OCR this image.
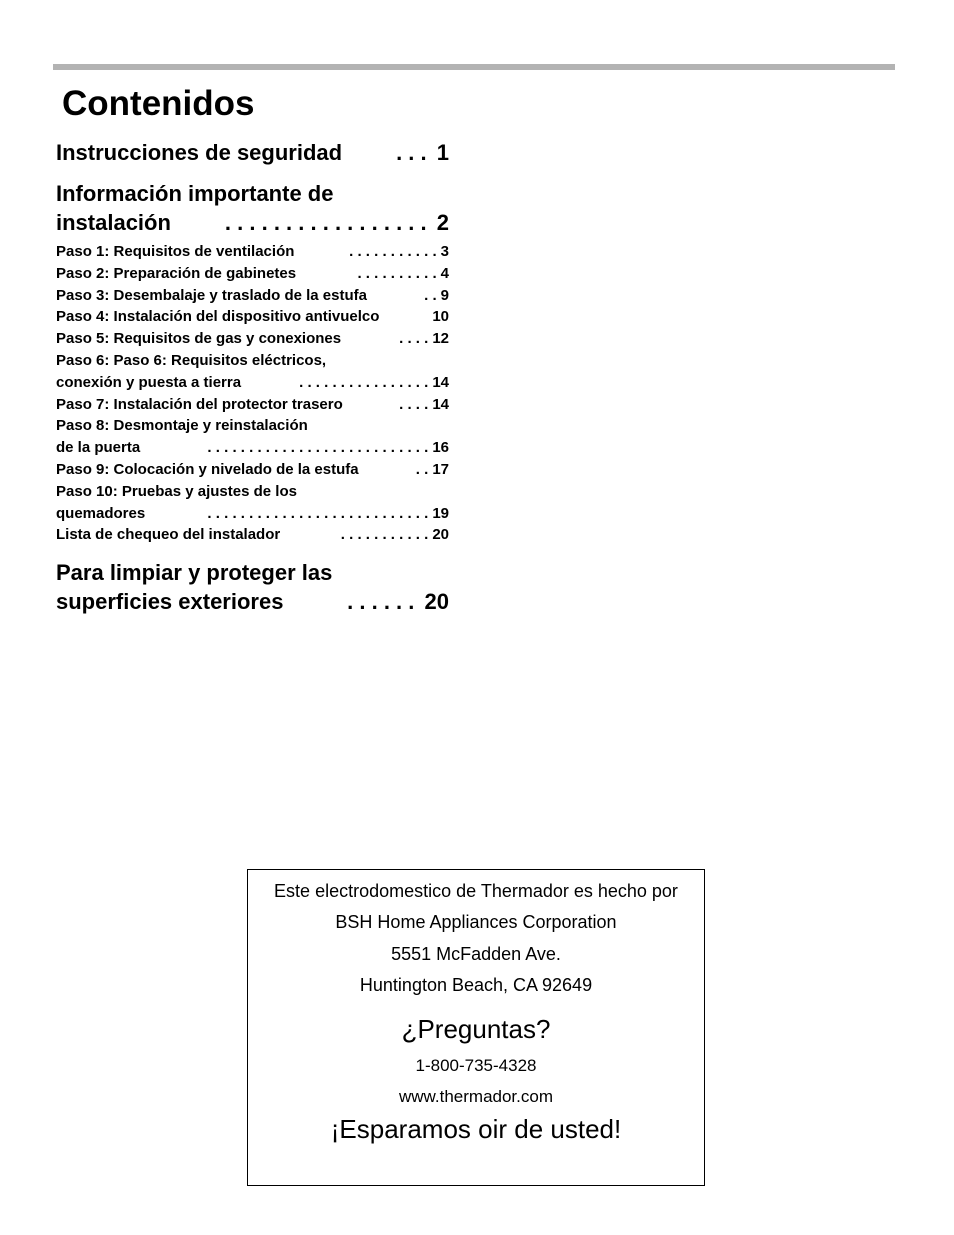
Contenidos
Instrucciones de seguridad	. . . 1
Información importante de
instalación	. . . . . . . . . . . . . . . . . 2
Paso 1: Requisitos de ventilación	. . . . . . . . . . . 3
Paso 2: Preparación de gabinetes	. . . . . . . . . . 4
Paso 3: Desembalaje y traslado de la estufa	. . 9
Paso 4: Instalación del dispositivo antivuelco	10
Paso 5: Requisitos de gas y conexiones	. . . . 12
Paso 6: Paso 6: Requisitos eléctricos,
conexión y puesta a tierra	. . . . . . . . . . . . . . . . 14
Paso 7: Instalación del protector trasero	. . . . 14
Paso 8: Desmontaje y reinstalación
de la puerta	. . . . . . . . . . . . . . . . . . . . . . . . . . . 16
Paso 9: Colocación y nivelado de la estufa	. . 17
Paso 10: Pruebas y ajustes de los
quemadores	. . . . . . . . . . . . . . . . . . . . . . . . . . . 19
Lista de chequeo del instalador	. . . . . . . . . . . 20
Para limpiar y proteger las
superficies exteriores	. . . . . . 20
Este electrodomestico de Thermador es hecho por
BSH Home Appliances Corporation
5551 McFadden Ave.
Huntington Beach, CA 92649
¿Preguntas?
1-800-735-4328
www.thermador.com
¡Esparamos oir de usted!
